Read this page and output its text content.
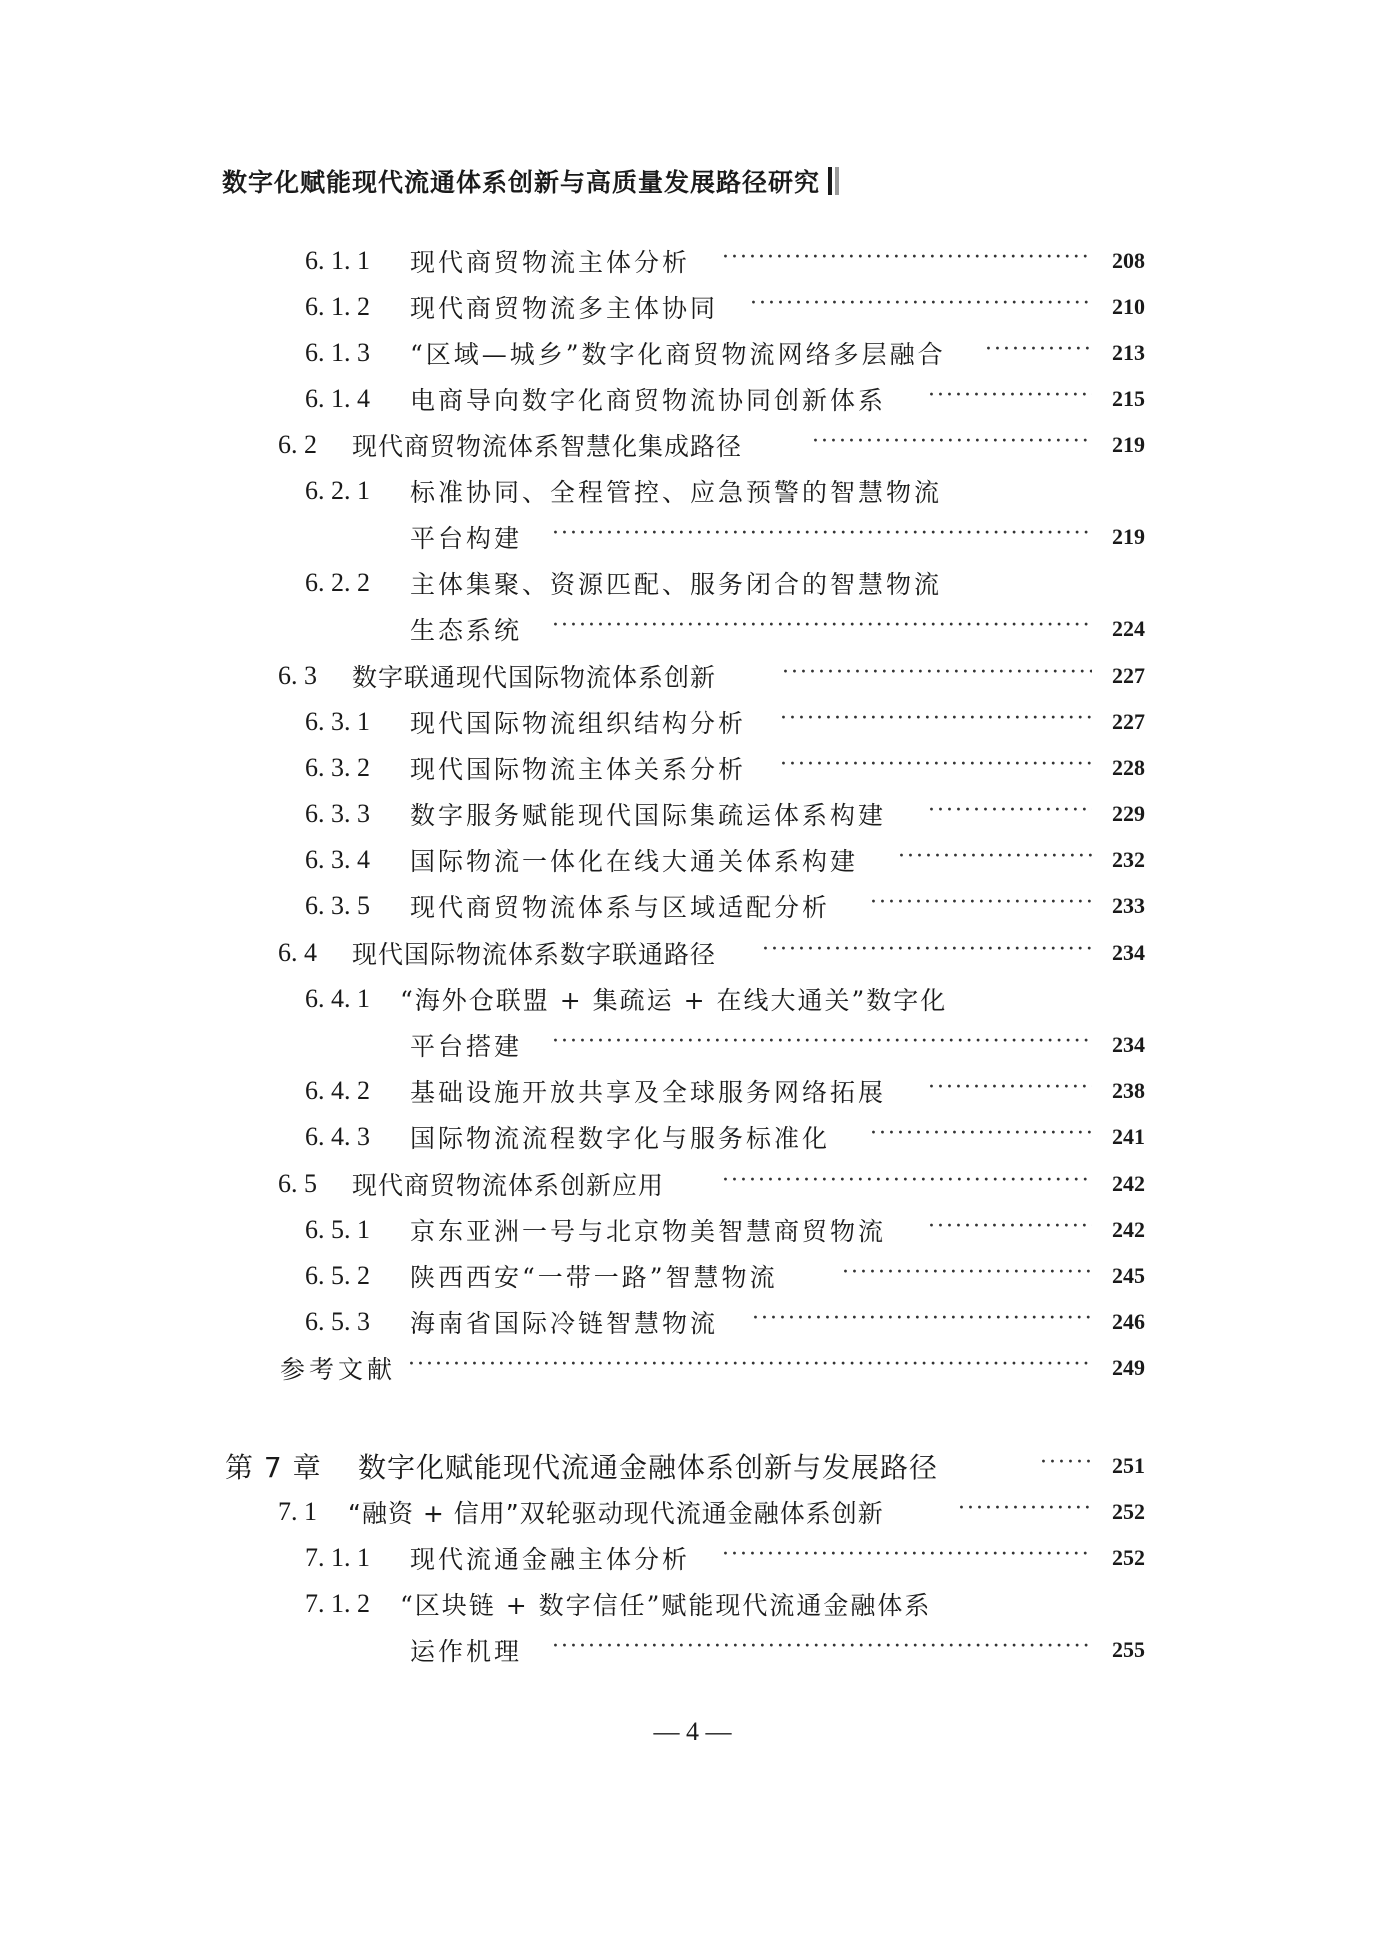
数字化赋能现代流通体系创新与高质量发展路径研究
6. 1. 1 现代商贸物流主体分析 ·····	208
6. 1. 2 现代商贸物流多主体协同 ·····	210
6. 1. 3 “区域—城乡”数字化商贸物流网络多层融合 ·····	213
6. 1. 4 电商导向数字化商贸物流协同创新体系 ·····	215
6. 2 现代商贸物流体系智慧化集成路径 ·····	219
6. 2. 1 标准协同、全程管控、应急预警的智慧物流
平台构建 ·····	219
6. 2. 2 主体集聚、资源匹配、服务闭合的智慧物流
生态系统 ·····	224
6. 3 数字联通现代国际物流体系创新 ·····	227
6. 3. 1 现代国际物流组织结构分析 ·····	227
6. 3. 2 现代国际物流主体关系分析 ·····	228
6. 3. 3 数字服务赋能现代国际集疏运体系构建 ·····	229
6. 3. 4 国际物流一体化在线大通关体系构建 ·····	232
6. 3. 5 现代商贸物流体系与区域适配分析 ·····	233
6. 4 现代国际物流体系数字联通路径 ·····	234
6. 4. 1 “海外仓联盟 + 集疏运 + 在线大通关”数字化
平台搭建 ·····	234
6. 4. 2 基础设施开放共享及全球服务网络拓展 ·····	238
6. 4. 3 国际物流流程数字化与服务标准化 ·····	241
6. 5 现代商贸物流体系创新应用 ·····	242
6. 5. 1 京东亚洲一号与北京物美智慧商贸物流 ·····	242
6. 5. 2 陕西西安“一带一路”智慧物流 ·····	245
6. 5. 3 海南省国际冷链智慧物流 ·····	246
参考文献 ·····	249
第 7 章 数字化赋能现代流通金融体系创新与发展路径 ·····	251
7. 1 “融资 + 信用”双轮驱动现代流通金融体系创新 ·····	252
7. 1. 1 现代流通金融主体分析 ·····	252
7. 1. 2 “区块链 + 数字信任”赋能现代流通金融体系
运作机理 ·····	255
— 4 —
